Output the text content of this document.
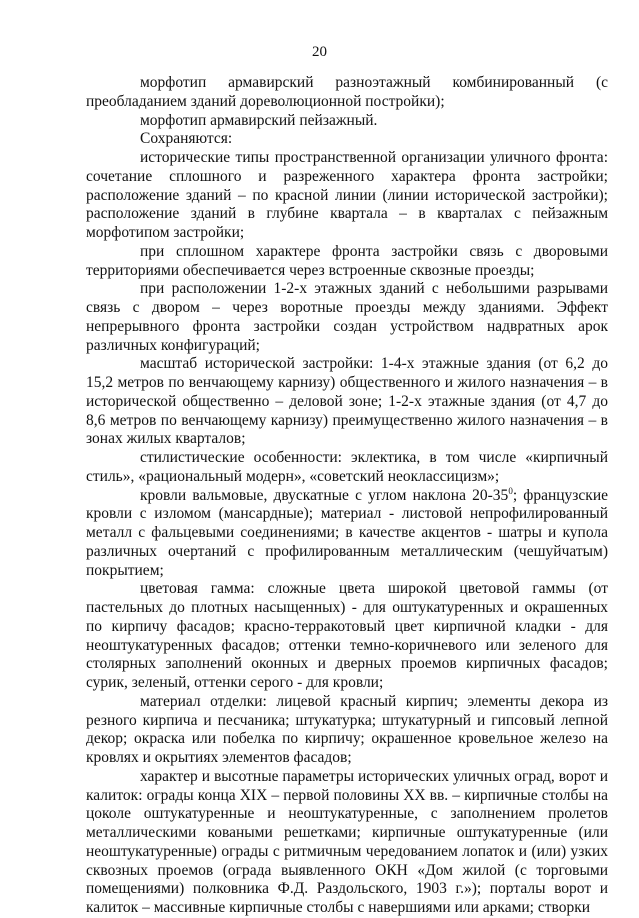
20

морфотип армавирский разноэтажный комбинированный (с преобладанием зданий дореволюционной постройки);

морфотип армавирский пейзажный.

Сохраняются:

исторические типы пространственной организации уличного фронта: сочетание сплошного и разреженного характера фронта застройки; расположение зданий – по красной линии (линии исторической застройки); расположение зданий в глубине квартала – в кварталах с пейзажным морфотипом застройки;

при сплошном характере фронта застройки связь с дворовыми территориями обеспечивается через встроенные сквозные проезды;

при расположении 1-2-х этажных зданий с небольшими разрывами связь с двором – через воротные проезды между зданиями. Эффект непрерывного фронта застройки создан устройством надвратных арок различных конфигураций;

масштаб исторической застройки: 1-4-х этажные здания (от 6,2 до 15,2 метров по венчающему карнизу) общественного и жилого назначения – в исторической общественно – деловой зоне; 1-2-х этажные здания (от 4,7 до 8,6 метров по венчающему карнизу) преимущественно жилого назначения – в зонах жилых кварталов;

стилистические особенности: эклектика, в том числе «кирпичный стиль», «рациональный модерн», «советский неоклассицизм»;

кровли вальмовые, двускатные с углом наклона $20-35^0$; французские кровли с изломом (мансардные); материал - листовой непрофилированный металл с фальцевыми соединениями; в качестве акцентов - шатры и купола различных очертаний с профилированным металлическим (чешуйчатым) покрытием;

цветовая гамма: сложные цвета широкой цветовой гаммы (от пастельных до плотных насыщенных) - для оштукатуренных и окрашенных по кирпичу фасадов; красно-терракотовый цвет кирпичной кладки - для неоштукатуренных фасадов; оттенки темно-коричневого или зеленого для столярных заполнений оконных и дверных проемов кирпичных фасадов; сурик, зеленый, оттенки серого - для кровли;

материал отделки: лицевой красный кирпич; элементы декора из резного кирпича и песчаника; штукатурка; штукатурный и гипсовый лепной декор; окраска или побелка по кирпичу; окрашенное кровельное железо на кровлях и окрытиях элементов фасадов;

характер и высотные параметры исторических уличных оград, ворот и калиток: ограды конца XIX – первой половины XX вв. – кирпичные столбы на цоколе оштукатуренные и неоштукатуренные, с заполнением пролетов металлическими коваными решетками; кирпичные оштукатуренные (или неоштукатуренные) ограды с ритмичным чередованием лопаток и (или) узких сквозных проемов (ограда выявленного ОКН «Дом жилой (с торговыми помещениями) полковника Ф.Д. Раздольского, 1903 г.»); порталы ворот и калиток – массивные кирпичные столбы с навершиями или арками; створки
